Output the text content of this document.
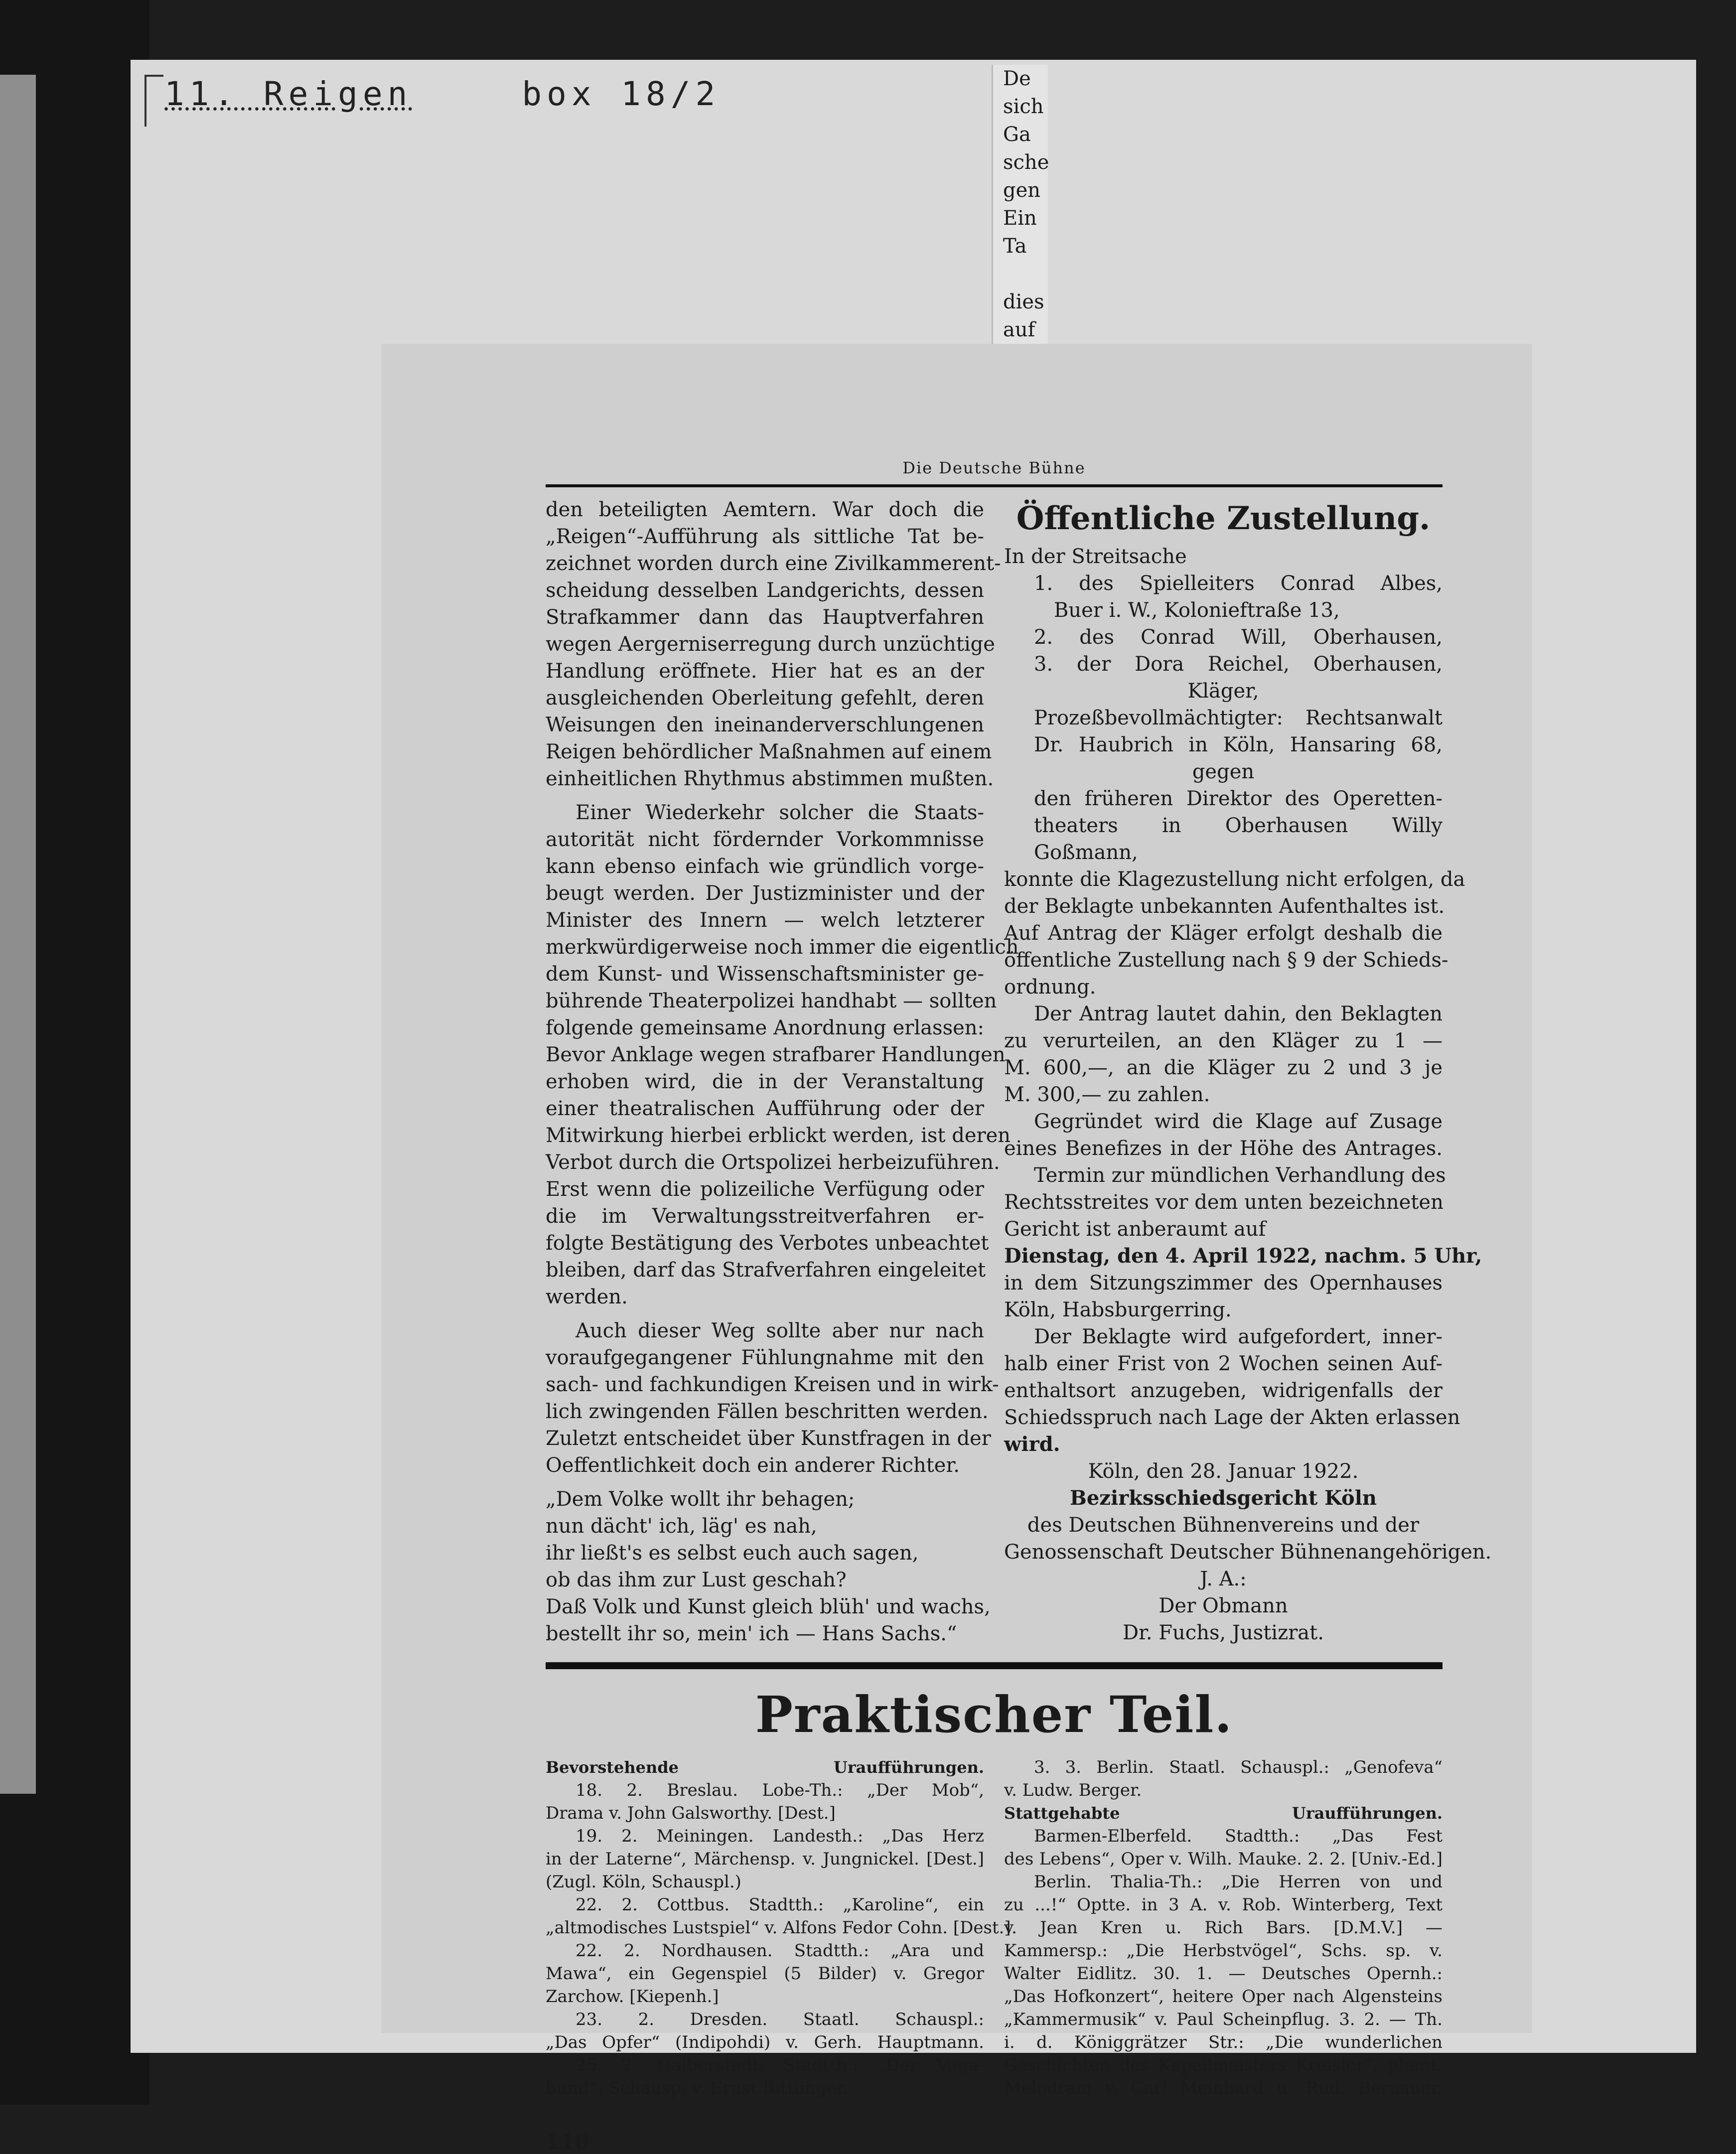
11. Reigen	box 18/2	De
sich
Ga
sche
gen
Ein
Ta
dies
auf
Die Deutsche Bühne
den beteiligten Aemtern. War doch die
„Reigen“-Aufführung als sittliche Tat be-
zeichnet worden durch eine Zivilkammerent-
scheidung desselben Landgerichts, dessen
Strafkammer dann das Hauptverfahren
wegen Aergerniserregung durch unzüchtige
Handlung eröffnete. Hier hat es an der
ausgleichenden Oberleitung gefehlt, deren
Weisungen den ineinanderverschlungenen
Reigen behördlicher Maßnahmen auf einem
einheitlichen Rhythmus abstimmen mußten.
Einer Wiederkehr solcher die Staats-
autorität nicht fördernder Vorkommnisse
kann ebenso einfach wie gründlich vorge-
beugt werden. Der Justizminister und der
Minister des Innern — welch letzterer
merkwürdigerweise noch immer die eigentlich
dem Kunst- und Wissenschaftsminister ge-
bührende Theaterpolizei handhabt — sollten
folgende gemeinsame Anordnung erlassen:
Bevor Anklage wegen strafbarer Handlungen
erhoben wird, die in der Veranstaltung
einer theatralischen Aufführung oder der
Mitwirkung hierbei erblickt werden, ist deren
Verbot durch die Ortspolizei herbeizuführen.
Erst wenn die polizeiliche Verfügung oder
die im Verwaltungsstreitverfahren er-
folgte Bestätigung des Verbotes unbeachtet
bleiben, darf das Strafverfahren eingeleitet
werden.
Auch dieser Weg sollte aber nur nach
voraufgegangener Fühlungnahme mit den
sach- und fachkundigen Kreisen und in wirk-
lich zwingenden Fällen beschritten werden.
Zuletzt entscheidet über Kunstfragen in der
Oeffentlichkeit doch ein anderer Richter.
„Dem Volke wollt ihr behagen;
nun dächt' ich, läg' es nah,
ihr ließt's es selbst euch auch sagen,
ob das ihm zur Lust geschah?
Daß Volk und Kunst gleich blüh' und wachs,
bestellt ihr so, mein' ich — Hans Sachs.“
Öffentliche Zustellung.
In der Streitsache
1. des Spielleiters Conrad Albes,
Buer i. W., Kolonieftraße 13,
2. des Conrad Will, Oberhausen,
3. der Dora Reichel, Oberhausen,
Kläger,
Prozeßbevollmächtigter: Rechtsanwalt
Dr. Haubrich in Köln, Hansaring 68,
gegen
den früheren Direktor des Operetten-
theaters in Oberhausen Willy
Goßmann,
konnte die Klagezustellung nicht erfolgen, da
der Beklagte unbekannten Aufenthaltes ist.
Auf Antrag der Kläger erfolgt deshalb die
öffentliche Zustellung nach § 9 der Schieds-
ordnung.
Der Antrag lautet dahin, den Beklagten
zu verurteilen, an den Kläger zu 1 —
M. 600,—, an die Kläger zu 2 und 3 je
M. 300,— zu zahlen.
Gegründet wird die Klage auf Zusage
eines Benefizes in der Höhe des Antrages.
Termin zur mündlichen Verhandlung des
Rechtsstreites vor dem unten bezeichneten
Gericht ist anberaumt auf
Dienstag, den 4. April 1922, nachm. 5 Uhr,
in dem Sitzungszimmer des Opernhauses
Köln, Habsburgerring.
Der Beklagte wird aufgefordert, inner-
halb einer Frist von 2 Wochen seinen Auf-
enthaltsort anzugeben, widrigenfalls der
Schiedsspruch nach Lage der Akten erlassen
wird.
Köln, den 28. Januar 1922.
Bezirksschiedsgericht Köln
des Deutschen Bühnenvereins und der
Genossenschaft Deutscher Bühnenangehörigen.
J. A.:
Der Obmann
Dr. Fuchs, Justizrat.
Praktischer Teil.
Bevorstehende Uraufführungen.
18. 2. Breslau. Lobe-Th.: „Der Mob“,
Drama v. John Galsworthy. [Dest.]
19. 2. Meiningen. Landesth.: „Das Herz
in der Laterne“, Märchensp. v. Jungnickel. [Dest.]
(Zugl. Köln, Schauspl.)
22. 2. Cottbus. Stadtth.: „Karoline“, ein
„altmodisches Lustspiel“ v. Alfons Fedor Cohn. [Dest.]
22. 2. Nordhausen. Stadtth.: „Ara und
Mawa“, ein Gegenspiel (5 Bilder) v. Gregor
Zarchow. [Kiepenh.]
23. 2. Dresden. Staatl. Schauspl.:
„Das Opfer“ (Indipohdi) v. Gerh. Hauptmann.
25. 2. Halberstadt. Stadtth.: „Der Vaga-
bund“, Schausp. v. Ernst Bittlinger.
3. 3. Berlin. Staatl. Schauspl.: „Genofeva“
v. Ludw. Berger.
Stattgehabte Uraufführungen.
Barmen-Elberfeld. Stadtth.: „Das Fest
des Lebens“, Oper v. Wilh. Mauke. 2. 2. [Univ.-Ed.]
Berlin. Thalia-Th.: „Die Herren von und
zu ...!“ Optte. in 3 A. v. Rob. Winterberg, Text
v. Jean Kren u. Rich Bars. [D.M.V.] —
Kammersp.: „Die Herbstvögel“, Schs. sp. v.
Walter Eidlitz. 30. 1. — Deutsches Opernh.:
„Das Hofkonzert“, heitere Oper nach Algensteins
„Kammermusik“ v. Paul Scheinpflug. 3. 2. — Th.
i. d. Königgrätzer Str.: „Die wunderlichen
Geschichten des Kapellmeisters Kreisler“, phant.
Melodram v. Carl Meinhard u. Rud. Bernauer.
110
